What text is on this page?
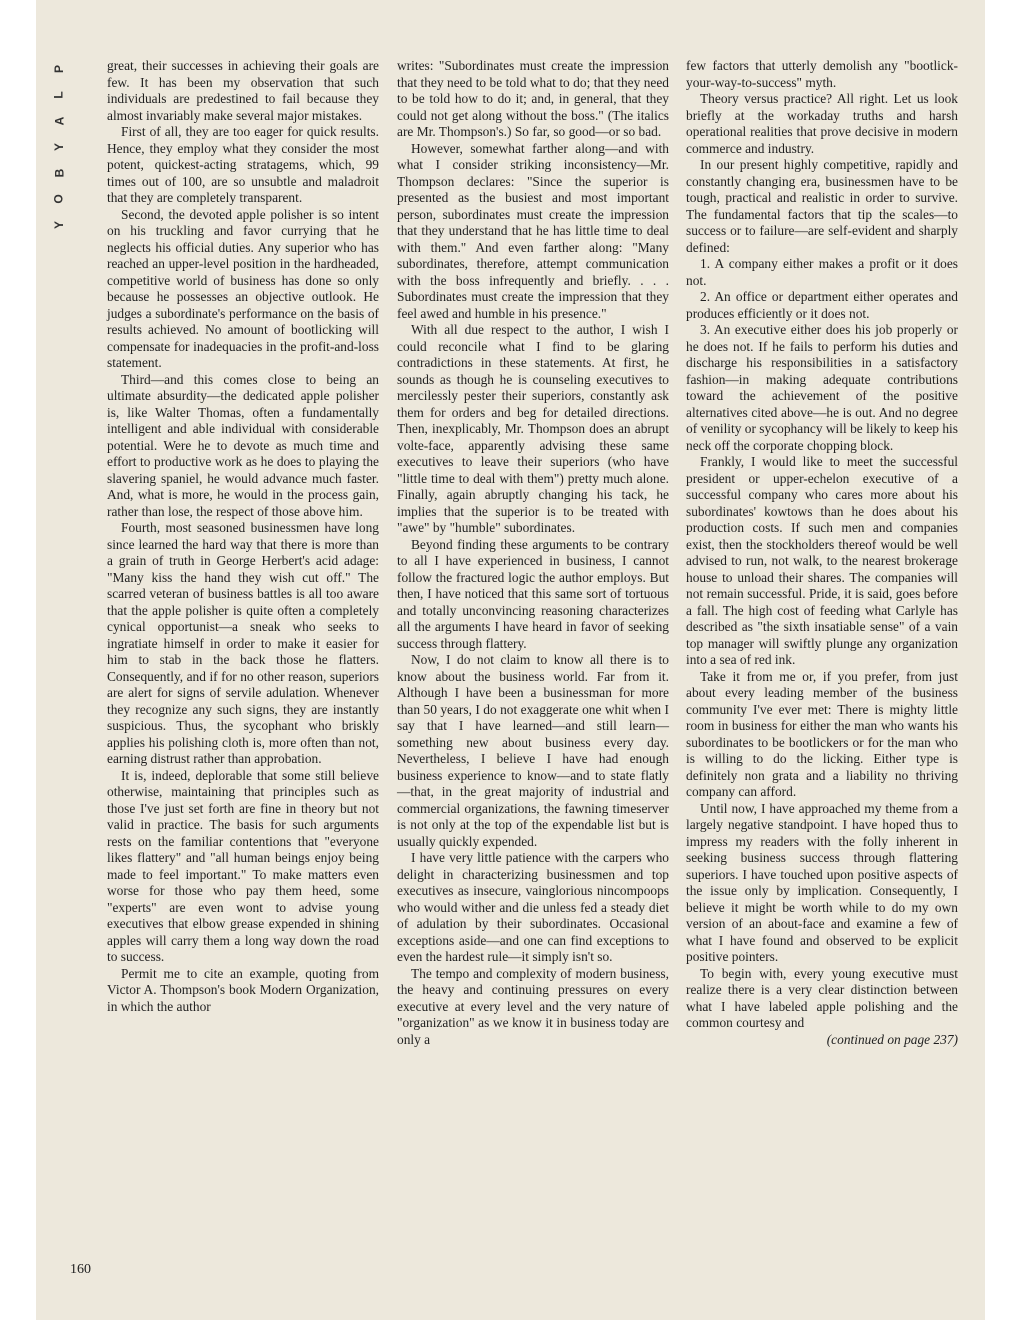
P
L
A
Y
B
O
Y
160

great, their successes in achieving their goals are few. It has been my observation that such individuals are predestined to fail because they almost invariably make several major mistakes.

First of all, they are too eager for quick results. Hence, they employ what they consider the most potent, quickest-acting stratagems, which, 99 times out of 100, are so unsubtle and maladroit that they are completely transparent.

Second, the devoted apple polisher is so intent on his truckling and favor currying that he neglects his official duties. Any superior who has reached an upper-level position in the hardheaded, competitive world of business has done so only because he possesses an objective outlook. He judges a subordinate's performance on the basis of results achieved. No amount of bootlicking will compensate for inadequacies in the profit-and-loss statement.

Third—and this comes close to being an ultimate absurdity—the dedicated apple polisher is, like Walter Thomas, often a fundamentally intelligent and able individual with considerable potential. Were he to devote as much time and effort to productive work as he does to playing the slavering spaniel, he would advance much faster. And, what is more, he would in the process gain, rather than lose, the respect of those above him.

Fourth, most seasoned businessmen have long since learned the hard way that there is more than a grain of truth in George Herbert's acid adage: "Many kiss the hand they wish cut off." The scarred veteran of business battles is all too aware that the apple polisher is quite often a completely cynical opportunist—a sneak who seeks to ingratiate himself in order to make it easier for him to stab in the back those he flatters. Consequently, and if for no other reason, superiors are alert for signs of servile adulation. Whenever they recognize any such signs, they are instantly suspicious. Thus, the sycophant who briskly applies his polishing cloth is, more often than not, earning distrust rather than approbation.

It is, indeed, deplorable that some still believe otherwise, maintaining that principles such as those I've just set forth are fine in theory but not valid in practice. The basis for such arguments rests on the familiar contentions that "everyone likes flattery" and "all human beings enjoy being made to feel important." To make matters even worse for those who pay them heed, some "experts" are even wont to advise young executives that elbow grease expended in shining apples will carry them a long way down the road to success.

Permit me to cite an example, quoting from Victor A. Thompson's book Modern Organization, in which the author

writes: "Subordinates must create the impression that they need to be told what to do; that they need to be told how to do it; and, in general, that they could not get along without the boss." (The italics are Mr. Thompson's.) So far, so good—or so bad.

However, somewhat farther along—and with what I consider striking inconsistency—Mr. Thompson declares: "Since the superior is presented as the busiest and most important person, subordinates must create the impression that they understand that he has little time to deal with them." And even farther along: "Many subordinates, therefore, attempt communication with the boss infrequently and briefly. . . . Subordinates must create the impression that they feel awed and humble in his presence."

With all due respect to the author, I wish I could reconcile what I find to be glaring contradictions in these statements. At first, he sounds as though he is counseling executives to mercilessly pester their superiors, constantly ask them for orders and beg for detailed directions. Then, inexplicably, Mr. Thompson does an abrupt volte-face, apparently advising these same executives to leave their superiors (who have "little time to deal with them") pretty much alone. Finally, again abruptly changing his tack, he implies that the superior is to be treated with "awe" by "humble" subordinates.

Beyond finding these arguments to be contrary to all I have experienced in business, I cannot follow the fractured logic the author employs. But then, I have noticed that this same sort of tortuous and totally unconvincing reasoning characterizes all the arguments I have heard in favor of seeking success through flattery.

Now, I do not claim to know all there is to know about the business world. Far from it. Although I have been a businessman for more than 50 years, I do not exaggerate one whit when I say that I have learned—and still learn—something new about business every day. Nevertheless, I believe I have had enough business experience to know—and to state flatly—that, in the great majority of industrial and commercial organizations, the fawning timeserver is not only at the top of the expendable list but is usually quickly expended.

I have very little patience with the carpers who delight in characterizing businessmen and top executives as insecure, vainglorious nincompoops who would wither and die unless fed a steady diet of adulation by their subordinates. Occasional exceptions aside—and one can find exceptions to even the hardest rule—it simply isn't so.

The tempo and complexity of modern business, the heavy and continuing pressures on every executive at every level and the very nature of "organization" as we know it in business today are only a

few factors that utterly demolish any "bootlick-your-way-to-success" myth.

Theory versus practice? All right. Let us look briefly at the workaday truths and harsh operational realities that prove decisive in modern commerce and industry.

In our present highly competitive, rapidly and constantly changing era, businessmen have to be tough, practical and realistic in order to survive. The fundamental factors that tip the scales—to success or to failure—are self-evident and sharply defined:

1. A company either makes a profit or it does not.

2. An office or department either operates and produces efficiently or it does not.

3. An executive either does his job properly or he does not. If he fails to perform his duties and discharge his responsibilities in a satisfactory fashion—in making adequate contributions toward the achievement of the positive alternatives cited above—he is out. And no degree of venility or sycophancy will be likely to keep his neck off the corporate chopping block.

Frankly, I would like to meet the successful president or upper-echelon executive of a successful company who cares more about his subordinates' kowtows than he does about his production costs. If such men and companies exist, then the stockholders thereof would be well advised to run, not walk, to the nearest brokerage house to unload their shares. The companies will not remain successful. Pride, it is said, goes before a fall. The high cost of feeding what Carlyle has described as "the sixth insatiable sense" of a vain top manager will swiftly plunge any organization into a sea of red ink.

Take it from me or, if you prefer, from just about every leading member of the business community I've ever met: There is mighty little room in business for either the man who wants his subordinates to be bootlickers or for the man who is willing to do the licking. Either type is definitely non grata and a liability no thriving company can afford.

Until now, I have approached my theme from a largely negative standpoint. I have hoped thus to impress my readers with the folly inherent in seeking business success through flattering superiors. I have touched upon positive aspects of the issue only by implication. Consequently, I believe it might be worth while to do my own version of an about-face and examine a few of what I have found and observed to be explicit positive pointers.

To begin with, every young executive must realize there is a very clear distinction between what I have labeled apple polishing and the common courtesy and

(continued on page 237)
